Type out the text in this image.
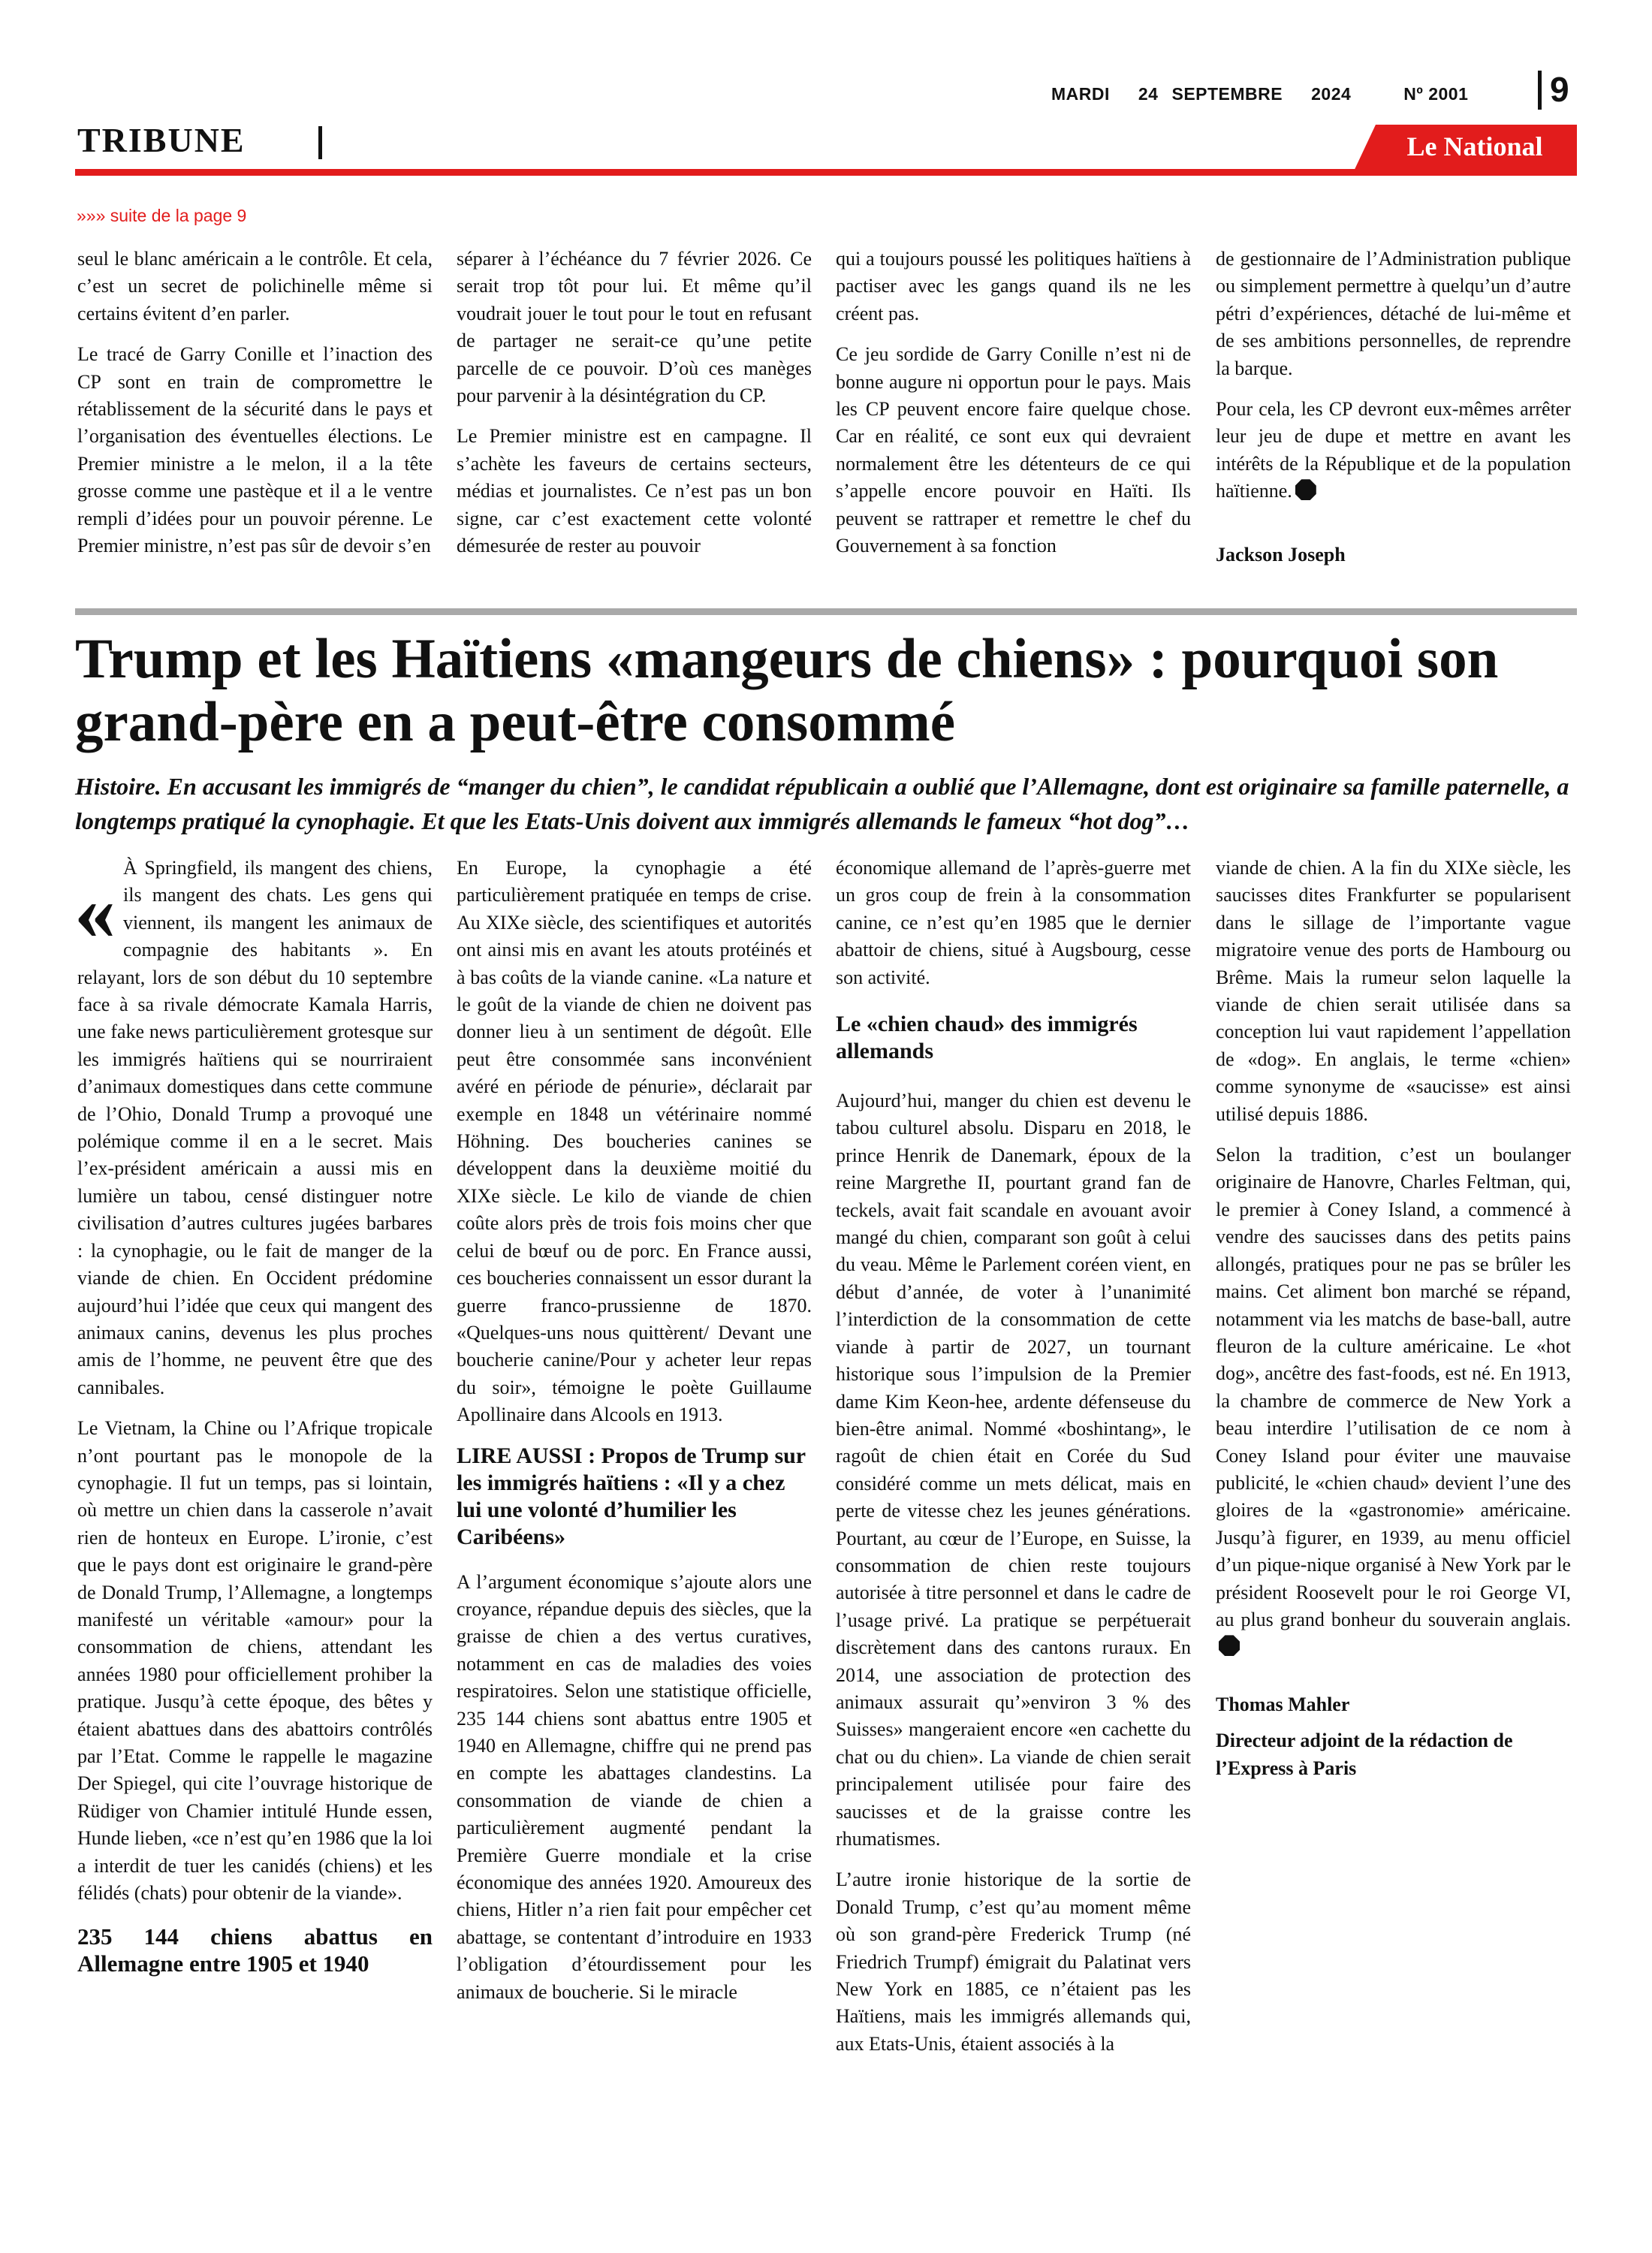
MARDI 24 SEPTEMBRE 2024	Nº 2001 9
TRIBUNE	Le National
»»» suite de la page 9

seul le blanc américain a le contrôle. Et cela, c’est un secret de polichinelle même si certains évitent d’en parler.

Le tracé de Garry Conille et l’inaction des CP sont en train de compromettre le rétablissement de la sécurité dans le pays et l’organisation des éventuelles élections. Le Premier ministre a le melon, il a la tête grosse comme une pastèque et il a le ventre rempli d’idées pour un pouvoir pérenne. Le Premier ministre, n’est pas sûr de devoir s’en

séparer à l’échéance du 7 février 2026. Ce serait trop tôt pour lui. Et même qu’il voudrait jouer le tout pour le tout en refusant de partager ne serait-ce qu’une petite parcelle de ce pouvoir. D’où ces manèges pour parvenir à la désintégration du CP.

Le Premier ministre est en campagne. Il s’achète les faveurs de certains secteurs, médias et journalistes. Ce n’est pas un bon signe, car c’est exactement cette volonté démesurée de rester au pouvoir

qui a toujours poussé les politiques haïtiens à pactiser avec les gangs quand ils ne les créent pas.

Ce jeu sordide de Garry Conille n’est ni de bonne augure ni opportun pour le pays. Mais les CP peuvent encore faire quelque chose. Car en réalité, ce sont eux qui devraient normalement être les détenteurs de ce qui s’appelle encore pouvoir en Haïti. Ils peuvent se rattraper et remettre le chef du Gouvernement à sa fonction

de gestionnaire de l’Administration publique ou simplement permettre à quelqu’un d’autre pétri d’expériences, détaché de lui-même et de ses ambitions personnelles, de reprendre la barque.

Pour cela, les CP devront eux-mêmes arrêter leur jeu de dupe et mettre en avant les intérêts de la République et de la population haïtienne.

Jackson Joseph

Trump et les Haïtiens «mangeurs de chiens» : pourquoi son grand-père en a peut-être consommé
Histoire. En accusant les immigrés de “manger du chien”, le candidat républicain a oublié que l’Allemagne, dont est originaire sa famille paternelle, a longtemps pratiqué la cynophagie. Et que les Etats-Unis doivent aux immigrés allemands le fameux “hot dog”…

« À Springfield, ils mangent des chiens, ils mangent des chats. Les gens qui viennent, ils mangent les animaux de compagnie des habitants ». En relayant, lors de son début du 10 septembre face à sa rivale démocrate Kamala Harris, une fake news particulièrement grotesque sur les immigrés haïtiens qui se nourriraient d’animaux domestiques dans cette commune de l’Ohio, Donald Trump a provoqué une polémique comme il en a le secret. Mais l’ex-président américain a aussi mis en lumière un tabou, censé distinguer notre civilisation d’autres cultures jugées barbares : la cynophagie, ou le fait de manger de la viande de chien. En Occident prédomine aujourd’hui l’idée que ceux qui mangent des animaux canins, devenus les plus proches amis de l’homme, ne peuvent être que des cannibales.

Le Vietnam, la Chine ou l’Afrique tropicale n’ont pourtant pas le monopole de la cynophagie. Il fut un temps, pas si lointain, où mettre un chien dans la casserole n’avait rien de honteux en Europe. L’ironie, c’est que le pays dont est originaire le grand-père de Donald Trump, l’Allemagne, a longtemps manifesté un véritable «amour» pour la consommation de chiens, attendant les années 1980 pour officiellement prohiber la pratique. Jusqu’à cette époque, des bêtes y étaient abattues dans des abattoirs contrôlés par l’Etat. Comme le rappelle le magazine Der Spiegel, qui cite l’ouvrage historique de Rüdiger von Chamier intitulé Hunde essen, Hunde lieben, «ce n’est qu’en 1986 que la loi a interdit de tuer les canidés (chiens) et les félidés (chats) pour obtenir de la viande».

235 144 chiens abattus en Allemagne entre 1905 et 1940

En Europe, la cynophagie a été particulièrement pratiquée en temps de crise. Au XIXe siècle, des scientifiques et autorités ont ainsi mis en avant les atouts protéinés et à bas coûts de la viande canine. «La nature et le goût de la viande de chien ne doivent pas donner lieu à un sentiment de dégoût. Elle peut être consommée sans inconvénient avéré en période de pénurie», déclarait par exemple en 1848 un vétérinaire nommé Höhning. Des boucheries canines se développent dans la deuxième moitié du XIXe siècle. Le kilo de viande de chien coûte alors près de trois fois moins cher que celui de bœuf ou de porc. En France aussi, ces boucheries connaissent un essor durant la guerre franco-prussienne de 1870. «Quelques-uns nous quittèrent/ Devant une boucherie canine/Pour y acheter leur repas du soir», témoigne le poète Guillaume Apollinaire dans Alcools en 1913.

LIRE AUSSI : Propos de Trump sur les immigrés haïtiens : «Il y a chez lui une volonté d’humilier les Caribéens»

A l’argument économique s’ajoute alors une croyance, répandue depuis des siècles, que la graisse de chien a des vertus curatives, notamment en cas de maladies des voies respiratoires. Selon une statistique officielle, 235 144 chiens sont abattus entre 1905 et 1940 en Allemagne, chiffre qui ne prend pas en compte les abattages clandestins. La consommation de viande de chien a particulièrement augmenté pendant la Première Guerre mondiale et la crise économique des années 1920. Amoureux des chiens, Hitler n’a rien fait pour empêcher cet abattage, se contentant d’introduire en 1933 l’obligation d’étourdissement pour les animaux de boucherie. Si le miracle

économique allemand de l’après-guerre met un gros coup de frein à la consommation canine, ce n’est qu’en 1985 que le dernier abattoir de chiens, situé à Augsbourg, cesse son activité.

Le «chien chaud» des immigrés allemands

Aujourd’hui, manger du chien est devenu le tabou culturel absolu. Disparu en 2018, le prince Henrik de Danemark, époux de la reine Margrethe II, pourtant grand fan de teckels, avait fait scandale en avouant avoir mangé du chien, comparant son goût à celui du veau. Même le Parlement coréen vient, en début d’année, de voter à l’unanimité l’interdiction de la consommation de cette viande à partir de 2027, un tournant historique sous l’impulsion de la Premier dame Kim Keon-hee, ardente défenseuse du bien-être animal. Nommé «boshintang», le ragoût de chien était en Corée du Sud considéré comme un mets délicat, mais en perte de vitesse chez les jeunes générations. Pourtant, au cœur de l’Europe, en Suisse, la consommation de chien reste toujours autorisée à titre personnel et dans le cadre de l’usage privé. La pratique se perpétuerait discrètement dans des cantons ruraux. En 2014, une association de protection des animaux assurait qu’»environ 3 % des Suisses» mangeraient encore «en cachette du chat ou du chien». La viande de chien serait principalement utilisée pour faire des saucisses et de la graisse contre les rhumatismes.

L’autre ironie historique de la sortie de Donald Trump, c’est qu’au moment même où son grand-père Frederick Trump (né Friedrich Trumpf) émigrait du Palatinat vers New York en 1885, ce n’étaient pas les Haïtiens, mais les immigrés allemands qui, aux Etats-Unis, étaient associés à la

viande de chien. A la fin du XIXe siècle, les saucisses dites Frankfurter se popularisent dans le sillage de l’importante vague migratoire venue des ports de Hambourg ou Brême. Mais la rumeur selon laquelle la viande de chien serait utilisée dans sa conception lui vaut rapidement l’appellation de «dog». En anglais, le terme «chien» comme synonyme de «saucisse» est ainsi utilisé depuis 1886.

Selon la tradition, c’est un boulanger originaire de Hanovre, Charles Feltman, qui, le premier à Coney Island, a commencé à vendre des saucisses dans des petits pains allongés, pratiques pour ne pas se brûler les mains. Cet aliment bon marché se répand, notamment via les matchs de base-ball, autre fleuron de la culture américaine. Le «hot dog», ancêtre des fast-foods, est né. En 1913, la chambre de commerce de New York a beau interdire l’utilisation de ce nom à Coney Island pour éviter une mauvaise publicité, le «chien chaud» devient l’une des gloires de la «gastronomie» américaine. Jusqu’à figurer, en 1939, au menu officiel d’un pique-nique organisé à New York par le président Roosevelt pour le roi George VI, au plus grand bonheur du souverain anglais.

Thomas Mahler

Directeur adjoint de la rédaction de l’Express à Paris
